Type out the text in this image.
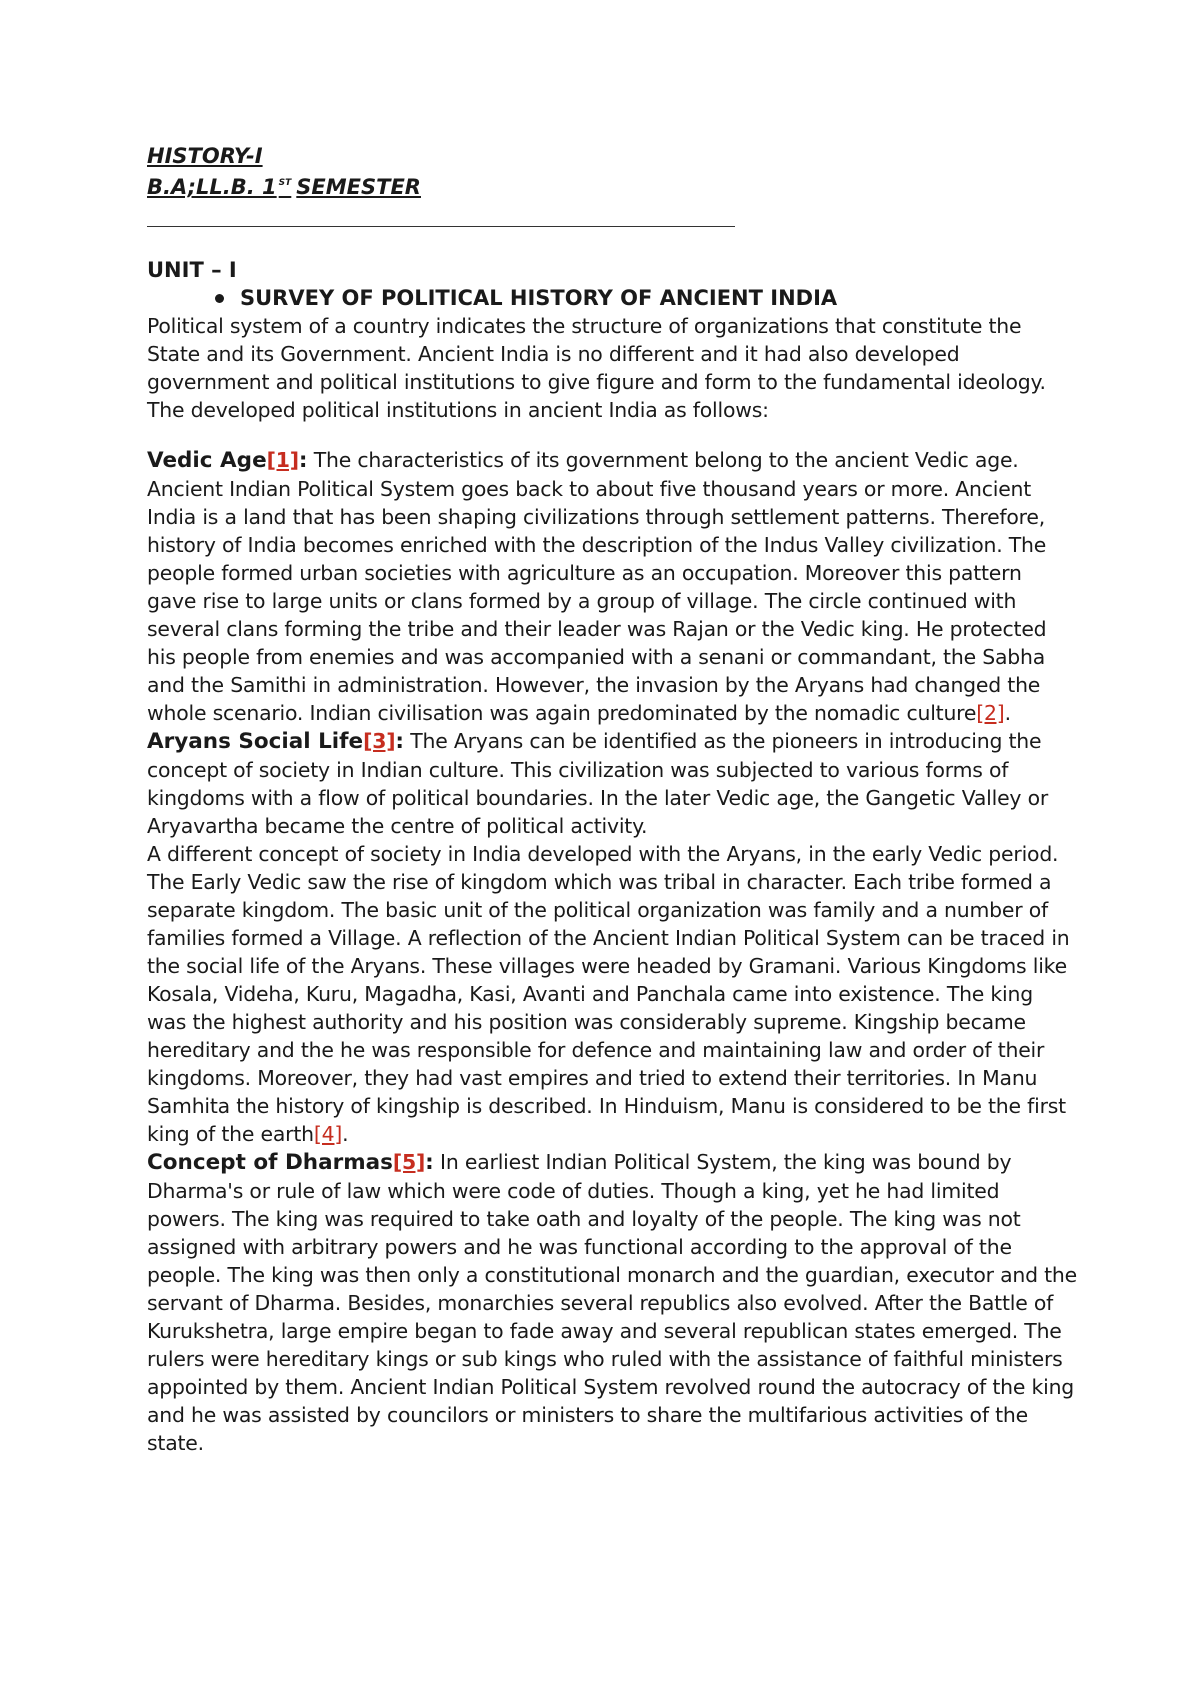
HISTORY-I
B.A;LL.B. 1 $^{ST}$ SEMESTER
UNIT – I
SURVEY OF POLITICAL HISTORY OF ANCIENT INDIA

Political system of a country indicates the structure of organizations that constitute the State and its Government. Ancient India is no different and it had also developed government and political institutions to give figure and form to the fundamental ideology. The developed political institutions in ancient India as follows:

Vedic Age[1]: The characteristics of its government belong to the ancient Vedic age. Ancient Indian Political System goes back to about five thousand years or more. Ancient India is a land that has been shaping civilizations through settlement patterns. Therefore, history of India becomes enriched with the description of the Indus Valley civilization. The people formed urban societies with agriculture as an occupation. Moreover this pattern gave rise to large units or clans formed by a group of village. The circle continued with several clans forming the tribe and their leader was Rajan or the Vedic king. He protected his people from enemies and was accompanied with a senani or commandant, the Sabha and the Samithi in administration. However, the invasion by the Aryans had changed the whole scenario. Indian civilisation was again predominated by the nomadic culture[2].

Aryans Social Life[3]: The Aryans can be identified as the pioneers in introducing the concept of society in Indian culture. This civilization was subjected to various forms of kingdoms with a flow of political boundaries. In the later Vedic age, the Gangetic Valley or Aryavartha became the centre of political activity.

A different concept of society in India developed with the Aryans, in the early Vedic period. The Early Vedic saw the rise of kingdom which was tribal in character. Each tribe formed a separate kingdom. The basic unit of the political organization was family and a number of families formed a Village. A reflection of the Ancient Indian Political System can be traced in the social life of the Aryans. These villages were headed by Gramani. Various Kingdoms like Kosala, Videha, Kuru, Magadha, Kasi, Avanti and Panchala came into existence. The king was the highest authority and his position was considerably supreme. Kingship became hereditary and the he was responsible for defence and maintaining law and order of their kingdoms. Moreover, they had vast empires and tried to extend their territories. In Manu Samhita the history of kingship is described. In Hinduism, Manu is considered to be the first king of the earth[4].

Concept of Dharmas[5]: In earliest Indian Political System, the king was bound by Dharma's or rule of law which were code of duties. Though a king, yet he had limited powers. The king was required to take oath and loyalty of the people. The king was not assigned with arbitrary powers and he was functional according to the approval of the people. The king was then only a constitutional monarch and the guardian, executor and the servant of Dharma. Besides, monarchies several republics also evolved. After the Battle of Kurukshetra, large empire began to fade away and several republican states emerged. The rulers were hereditary kings or sub kings who ruled with the assistance of faithful ministers appointed by them. Ancient Indian Political System revolved round the autocracy of the king and he was assisted by councilors or ministers to share the multifarious activities of the state.
